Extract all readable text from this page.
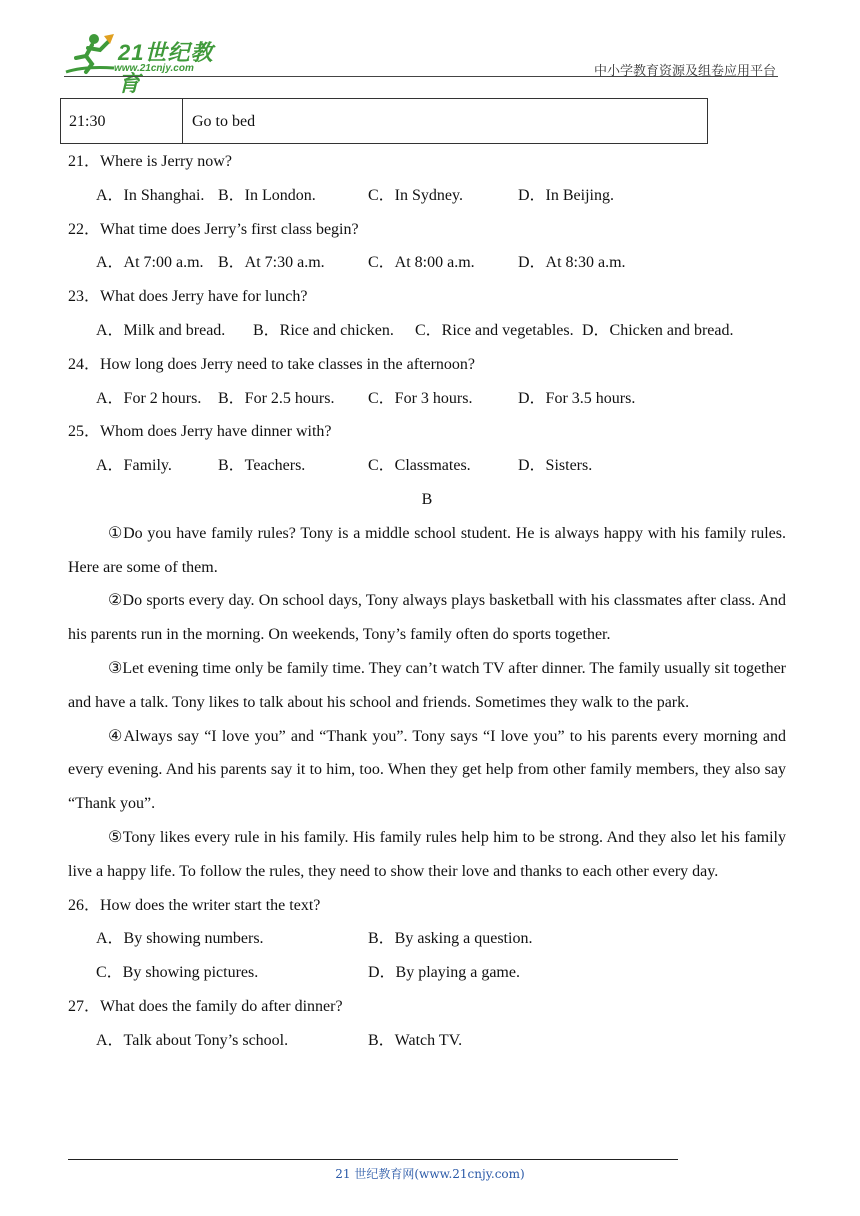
21世纪教育
www.21cnjy.com	中小学教育资源及组卷应用平台
21:30	Go to bed
21．Where is Jerry now?
A．In Shanghai. B．In London.	C．In Sydney.	D．In Beijing.
22．What time does Jerry’s first class begin?
A．At 7:00 a.m. B．At 7:30 a.m.	C．At 8:00 a.m.	D．At 8:30 a.m.
23．What does Jerry have for lunch?
A．Milk and bread. B．Rice and chicken. C．Rice and vegetables. D．Chicken and bread.
24．How long does Jerry need to take classes in the afternoon?
A．For 2 hours. B．For 2.5 hours. C．For 3 hours.	D．For 3.5 hours.
25．Whom does Jerry have dinner with?
A．Family.	B．Teachers.	C．Classmates.	D．Sisters.
B

①Do you have family rules? Tony is a middle school student. He is always happy with his family rules. Here are some of them.

②Do sports every day. On school days, Tony always plays basketball with his classmates after class. And his parents run in the morning. On weekends, Tony’s family often do sports together.

③Let evening time only be family time. They can’t watch TV after dinner. The family usually sit together and have a talk. Tony likes to talk about his school and friends. Sometimes they walk to the park.

④Always say “I love you” and “Thank you”. Tony says “I love you” to his parents every morning and every evening. And his parents say it to him, too. When they get help from other family members, they also say “Thank you”.

⑤Tony likes every rule in his family. His family rules help him to be strong. And they also let his family live a happy life. To follow the rules, they need to show their love and thanks to each other every day.

26．How does the writer start the text?
A．By showing numbers.	B．By asking a question.
C．By showing pictures.	D．By playing a game.
27．What does the family do after dinner?
A．Talk about Tony’s school.	B．Watch TV.
21 世纪教育网(www.21cnjy.com)
